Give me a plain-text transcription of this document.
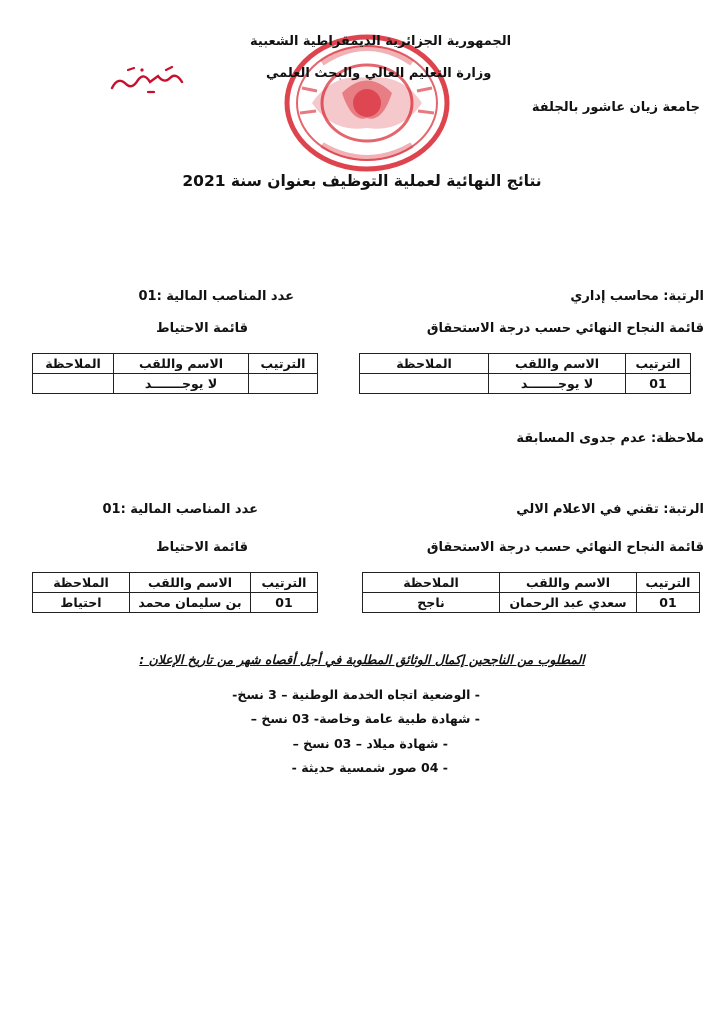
الجمهورية الجزائرية الديمقراطية الشعبية
وزارة التعليم العالي والبحث العلمي
جامعة زيان عاشور بالجلفة
نتائج النهائية لعملية التوظيف بعنوان سنة 2021
الرتبة: محاسب إداري
عدد المناصب المالية :01
قائمة النجاح النهائي حسب درجة الاستحقاق
قائمة الاحتياط
الترتيب	الاسم واللقب	الملاحظة
01	لا يوجـــــــد	
الترتيب	الاسم واللقب	الملاحظة
	لا يوجـــــــد	
ملاحظة: عدم جدوى المسابقة
الرتبة: تقني في الاعلام الالي
عدد المناصب المالية :01
قائمة النجاح النهائي حسب درجة الاستحقاق
قائمة الاحتياط
الترتيب	الاسم واللقب	الملاحظة
01	سعدي عبد الرحمان	ناجح
الترتيب	الاسم واللقب	الملاحظة
01	بن سليمان محمد	احتياط
المطلوب من الناجحين إكمال الوثائق المطلوبة في أجل أقصاه شهر من تاريخ الإعلان :
- الوضعية اتجاه الخدمة الوطنية – 3 نسخ-
- شهادة طبية عامة وخاصة- 03 نسخ –
- شهادة ميلاد – 03 نسخ –
- 04 صور شمسية حديثة -
